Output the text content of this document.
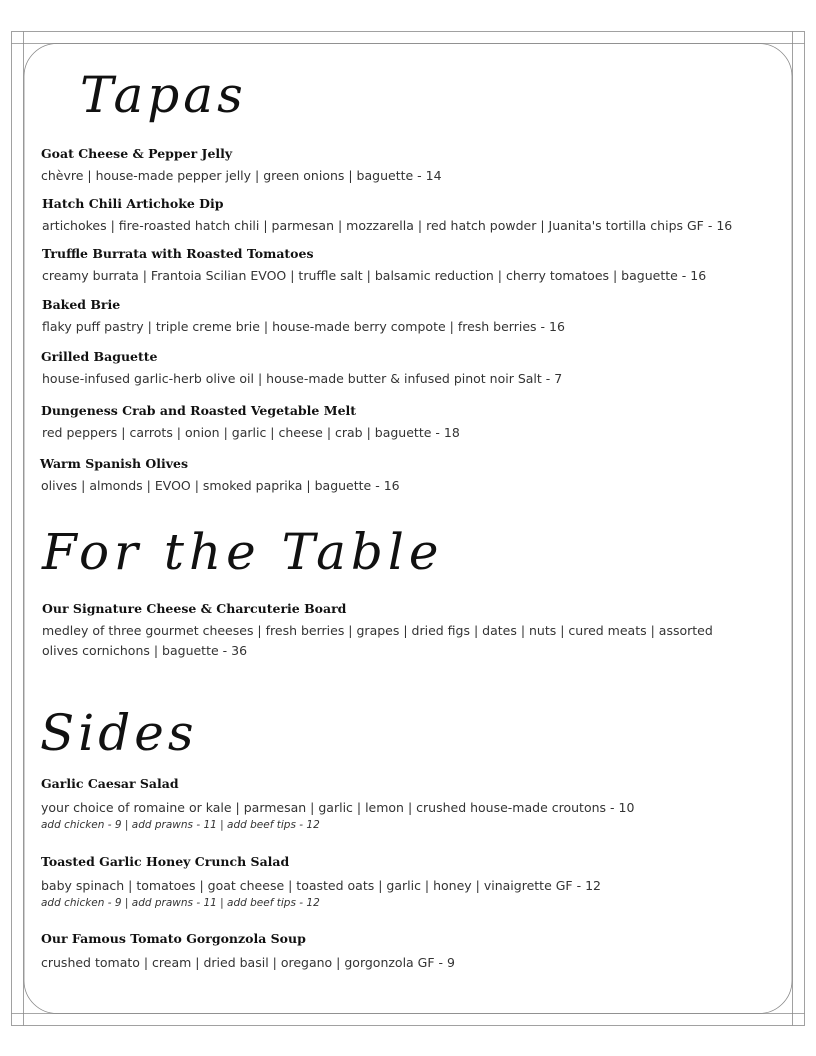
Tapas
Goat Cheese & Pepper Jelly
chèvre | house-made pepper jelly | green onions | baguette - 14
Hatch Chili Artichoke Dip
artichokes | fire-roasted hatch chili | parmesan | mozzarella | red hatch powder | Juanita's tortilla chips GF - 16
Truffle Burrata with Roasted Tomatoes
creamy burrata | Frantoia Scilian EVOO | truffle salt | balsamic reduction | cherry tomatoes | baguette - 16
Baked Brie
flaky puff pastry | triple creme brie | house-made berry compote | fresh berries - 16
Grilled Baguette
house-infused garlic-herb olive oil | house-made butter & infused pinot noir Salt - 7
Dungeness Crab and Roasted Vegetable Melt
red peppers | carrots | onion | garlic | cheese | crab | baguette - 18
Warm Spanish Olives
olives | almonds | EVOO | smoked paprika | baguette - 16
For the Table
Our Signature Cheese & Charcuterie Board
medley of three gourmet cheeses | fresh berries | grapes | dried figs | dates | nuts | cured meats | assorted olives cornichons | baguette - 36
Sides
Garlic Caesar Salad
your choice of romaine or kale | parmesan | garlic | lemon | crushed house-made croutons - 10
add chicken - 9 | add prawns - 11 | add beef tips - 12
Toasted Garlic Honey Crunch Salad
baby spinach | tomatoes | goat cheese | toasted oats | garlic | honey | vinaigrette GF - 12
add chicken - 9 | add prawns - 11 | add beef tips - 12
Our Famous Tomato Gorgonzola Soup
crushed tomato | cream | dried basil | oregano | gorgonzola GF - 9
